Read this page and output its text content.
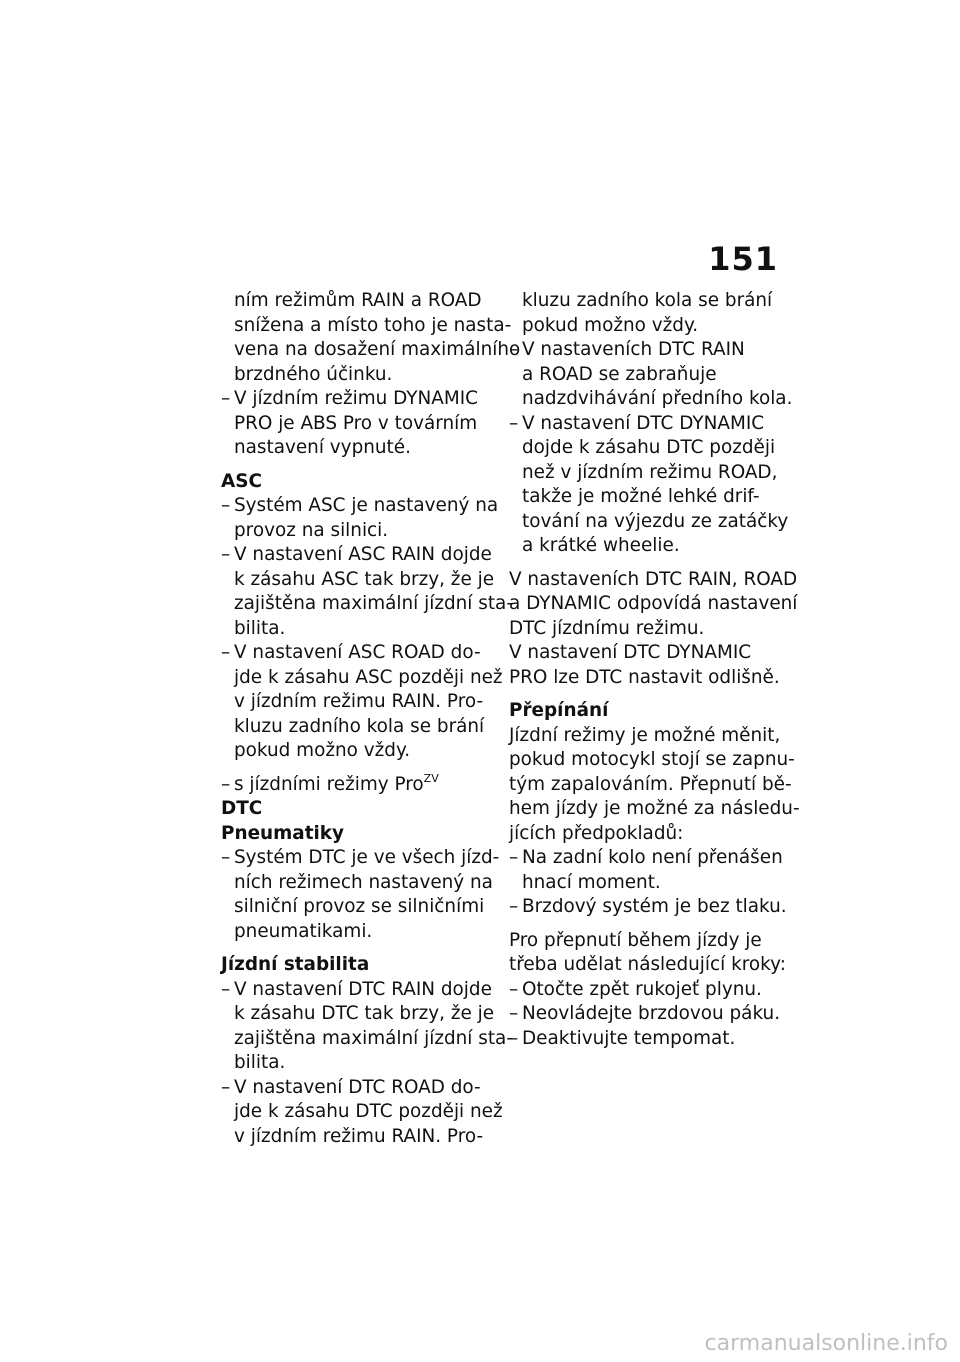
151
ním režimům RAIN a ROAD
snížena a místo toho je nasta-
vena na dosažení maximálního
brzdného účinku.
– V jízdním režimu DYNAMIC
PRO je ABS Pro v továrním
nastavení vypnuté.
ASC
– Systém ASC je nastavený na
provoz na silnici.
– V nastavení ASC RAIN dojde
k zásahu ASC tak brzy, že je
zajištěna maximální jízdní sta-
bilita.
– V nastavení ASC ROAD do-
jde k zásahu ASC později než
v jízdním režimu RAIN. Pro-
kluzu zadního kola se brání
pokud možno vždy.
– s jízdními režimy Pro$^{ZV}$
DTC
Pneumatiky
– Systém DTC je ve všech jízd-
ních režimech nastavený na
silniční provoz se silničními
pneumatikami.
Jízdní stabilita
– V nastavení DTC RAIN dojde
k zásahu DTC tak brzy, že je
zajištěna maximální jízdní sta-
bilita.
– V nastavení DTC ROAD do-
jde k zásahu DTC později než
v jízdním režimu RAIN. Pro-
kluzu zadního kola se brání
pokud možno vždy.
– V nastaveních DTC RAIN
a ROAD se zabraňuje
nadzdvihávání předního kola.
– V nastavení DTC DYNAMIC
dojde k zásahu DTC později
než v jízdním režimu ROAD,
takže je možné lehké drif-
tování na výjezdu ze zatáčky
a krátké wheelie.
V nastaveních DTC RAIN, ROAD
a DYNAMIC odpovídá nastavení
DTC jízdnímu režimu.
V nastavení DTC DYNAMIC
PRO lze DTC nastavit odlišně.
Přepínání
Jízdní režimy je možné měnit,
pokud motocykl stojí se zapnu-
tým zapalováním. Přepnutí bě-
hem jízdy je možné za následu-
jících předpokladů:
– Na zadní kolo není přenášen
hnací moment.
– Brzdový systém je bez tlaku.
Pro přepnutí během jízdy je
třeba udělat následující kroky:
– Otočte zpět rukojeť plynu.
– Neovládejte brzdovou páku.
– Deaktivujte tempomat.
carmanualsonline.info
